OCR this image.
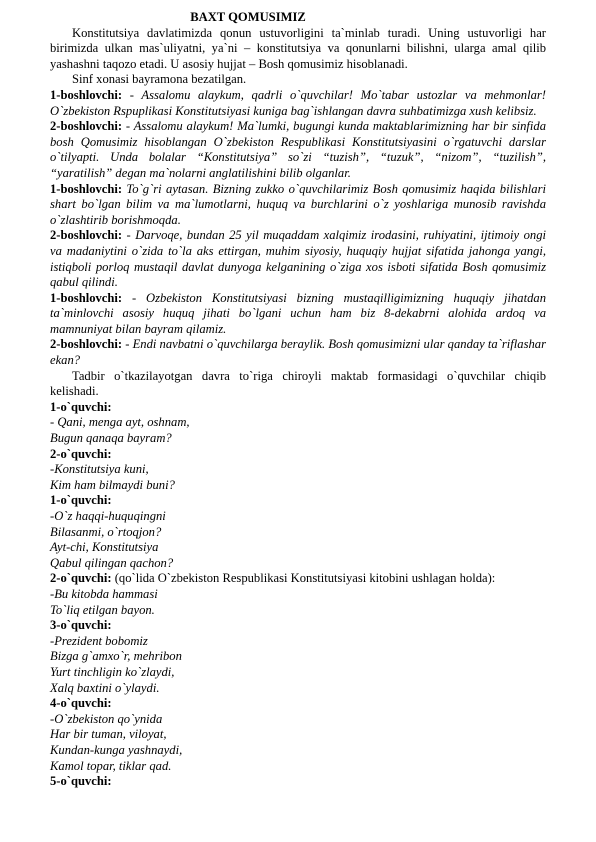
BAXT QOMUSIMIZ

Konstitutsiya davlatimizda qonun ustuvorligini ta`minlab turadi. Uning ustuvorligi har birimizda ulkan mas`uliyatni, ya`ni – konstitutsiya va qonunlarni bilishni, ularga amal qilib yashashni taqozo etadi. U asosiy hujjat – Bosh qomusimiz hisoblanadi.

Sinf xonasi bayramona bezatilgan.

1-boshlovchi: - Assalomu alaykum, qadrli o`quvchilar! Mo`tabar ustozlar va mehmonlar! O`zbekiston Rspuplikasi Konstitutsiyasi kuniga bag`ishlangan davra suhbatimizga xush kelibsiz.

2-boshlovchi: - Assalomu alaykum! Ma`lumki, bugungi kunda maktablarimizning har bir sinfida bosh Qomusimiz hisoblangan O`zbekiston Respublikasi Konstitutsiyasini o`rgatuvchi darslar o`tilyapti. Unda bolalar “Konstitutsiya” so`zi “tuzish”, “tuzuk”, “nizom”, “tuzilish”, “yaratilish” degan ma`nolarni anglatilishini bilib olganlar.

1-boshlovchi: To`g`ri aytasan. Bizning zukko o`quvchilarimiz Bosh qomusimiz haqida bilishlari shart bo`lgan bilim va ma`lumotlarni, huquq va burchlarini o`z yoshlariga munosib ravishda o`zlashtirib borishmoqda.

2-boshlovchi: - Darvoqe, bundan 25 yil muqaddam xalqimiz irodasini, ruhiyatini, ijtimoiy ongi va madaniytini o`zida to`la aks ettirgan, muhim siyosiy, huquqiy hujjat sifatida jahonga yangi, istiqboli porloq mustaqil davlat dunyoga kelganining o`ziga xos isboti sifatida Bosh qomusimiz qabul qilindi.

1-boshlovchi: - Ozbekiston Konstitutsiyasi bizning mustaqilligimizning huquqiy jihatdan ta`minlovchi asosiy huquq jihati bo`lgani uchun ham biz 8-dekabrni alohida ardoq va mamnuniyat bilan bayram qilamiz.

2-boshlovchi: - Endi navbatni o`quvchilarga beraylik. Bosh qomusimizni ular qanday ta`riflashar ekan?

Tadbir o`tkazilayotgan davra to`riga chiroyli maktab formasidagi o`quvchilar chiqib kelishadi.

1-o`quvchi:

- Qani, menga ayt, oshnam,

Bugun qanaqa bayram?

2-o`quvchi:

-Konstitutsiya kuni,

Kim ham bilmaydi buni?

1-o`quvchi:

-O`z haqqi-huquqingni

Bilasanmi, o`rtoqjon?

Ayt-chi, Konstitutsiya

Qabul qilingan qachon?

2-o`quvchi: (qo`lida O`zbekiston Respublikasi Konstitutsiyasi kitobini ushlagan holda):

-Bu kitobda hammasi

To`liq etilgan bayon.

3-o`quvchi:

-Prezident bobomiz

Bizga g`amxo`r, mehribon

Yurt tinchligin ko`zlaydi,

Xalq baxtini o`ylaydi.

4-o`quvchi:

-O`zbekiston qo`ynida

Har bir tuman, viloyat,

Kundan-kunga yashnaydi,

Kamol topar, tiklar qad.

5-o`quvchi:
